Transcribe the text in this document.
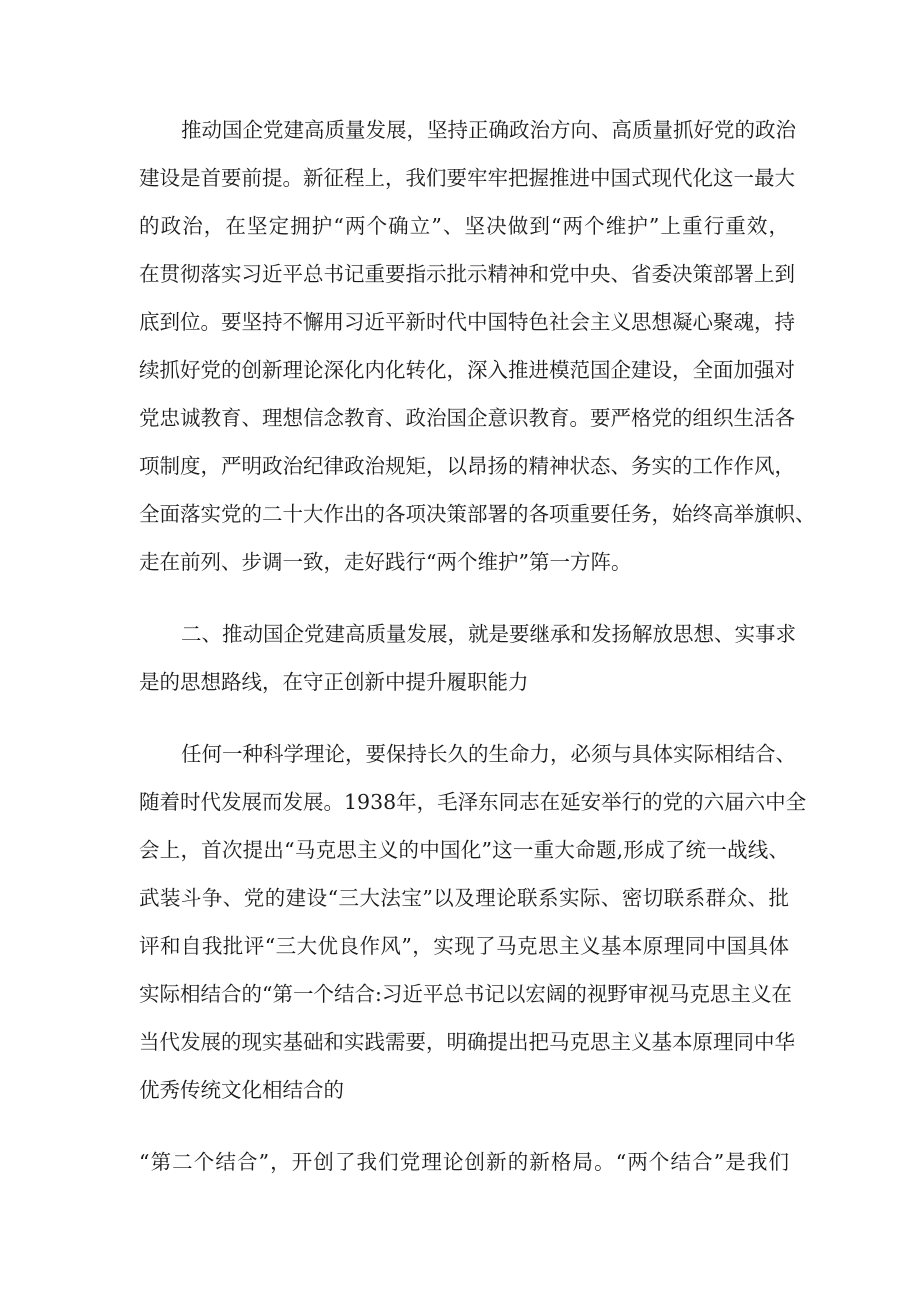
推动国企党建高质量发展，坚持正确政治方向、高质量抓好党的政治
建设是首要前提。新征程上，我们要牢牢把握推进中国式现代化这一最大
的政治，在坚定拥护“两个确立”、坚决做到“两个维护”上重行重效，
在贯彻落实习近平总书记重要指示批示精神和党中央、省委决策部署上到
底到位。要坚持不懈用习近平新时代中国特色社会主义思想凝心聚魂，持
续抓好党的创新理论深化内化转化，深入推进模范国企建设，全面加强对
党忠诚教育、理想信念教育、政治国企意识教育。要严格党的组织生活各
项制度，严明政治纪律政治规矩，以昂扬的精神状态、务实的工作作风，
全面落实党的二十大作出的各项决策部署的各项重要任务，始终高举旗帜、
走在前列、步调一致，走好践行“两个维护”第一方阵。
二、推动国企党建高质量发展，就是要继承和发扬解放思想、实事求
是的思想路线，在守正创新中提升履职能力
任何一种科学理论，要保持长久的生命力，必须与具体实际相结合、
随着时代发展而发展。1938年，毛泽东同志在延安举行的党的六届六中全
会上，首次提出“马克思主义的中国化”这一重大命题,形成了统一战线、
武装斗争、党的建设“三大法宝”以及理论联系实际、密切联系群众、批
评和自我批评“三大优良作风”，实现了马克思主义基本原理同中国具体
实际相结合的“第一个结合:习近平总书记以宏阔的视野审视马克思主义在
当代发展的现实基础和实践需要，明确提出把马克思主义基本原理同中华
优秀传统文化相结合的
“第二个结合”，开创了我们党理论创新的新格局。“两个结合”是我们
